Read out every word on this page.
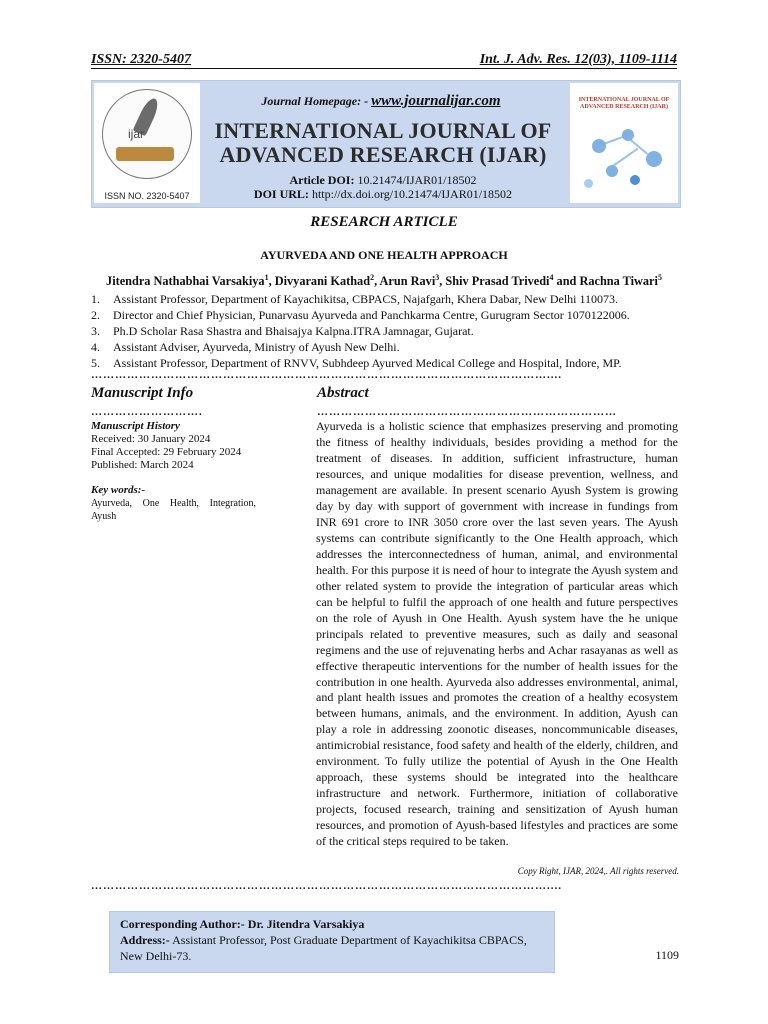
ISSN: 2320-5407	Int. J. Adv. Res. 12(03), 1109-1114
ijar
ISSN NO. 2320-5407
Journal Homepage: - www.journalijar.com
INTERNATIONAL JOURNAL OF
ADVANCED RESEARCH (IJAR)
Article DOI: 10.21474/IJAR01/18502
DOI URL: http://dx.doi.org/10.21474/IJAR01/18502
INTERNATIONAL JOURNAL OF ADVANCED RESEARCH (IJAR)
RESEARCH ARTICLE
AYURVEDA AND ONE HEALTH APPROACH
Jitendra Nathabhai Varsakiya$^1$, Divyarani Kathad$^2$, Arun Ravi$^3$, Shiv Prasad Trivedi$^4$ and Rachna Tiwari$^5$
1. Assistant Professor, Department of Kayachikitsa, CBPACS, Najafgarh, Khera Dabar, New Delhi 110073.
2. Director and Chief Physician, Punarvasu Ayurveda and Panchkarma Centre, Gurugram Sector 1070122006.
3. Ph.D Scholar Rasa Shastra and Bhaisajya Kalpna.ITRA Jamnagar, Gujarat.
4. Assistant Adviser, Ayurveda, Ministry of Ayush New Delhi.
5. Assistant Professor, Department of RNVV, Subhdeep Ayurved Medical College and Hospital, Indore, MP.
……………………………………………………………………………………………………....
Manuscript Info	Abstract
……………………….	…………………………………………………………………
Manuscript History
Received: 30 January 2024
Final Accepted: 29 February 2024
Published: March 2024
Key words:-
Ayurveda, One Health, Integration,
Ayush
Ayurveda is a holistic science that emphasizes preserving and promoting the fitness of healthy individuals, besides providing a method for the treatment of diseases. In addition, sufficient infrastructure, human resources, and unique modalities for disease prevention, wellness, and management are available. In present scenario Ayush System is growing day by day with support of government with increase in fundings from INR 691 crore to INR 3050 crore over the last seven years. The Ayush systems can contribute significantly to the One Health approach, which addresses the interconnectedness of human, animal, and environmental health. For this purpose it is need of hour to integrate the Ayush system and other related system to provide the integration of particular areas which can be helpful to fulfil the approach of one health and future perspectives on the role of Ayush in One Health. Ayush system have the he unique principals related to preventive measures, such as daily and seasonal regimens and the use of rejuvenating herbs and Achar rasayanas as well as effective therapeutic interventions for the number of health issues for the contribution in one health. Ayurveda also addresses environmental, animal, and plant health issues and promotes the creation of a healthy ecosystem between humans, animals, and the environment. In addition, Ayush can play a role in addressing zoonotic diseases, noncommunicable diseases, antimicrobial resistance, food safety and health of the elderly, children, and environment. To fully utilize the potential of Ayush in the One Health approach, these systems should be integrated into the healthcare infrastructure and network. Furthermore, initiation of collaborative projects, focused research, training and sensitization of Ayush human resources, and promotion of Ayush-based lifestyles and practices are some of the critical steps required to be taken.
Copy Right, IJAR, 2024,. All rights reserved.
……………………………………………………………………………………………………....
Corresponding Author:- Dr. Jitendra Varsakiya
Address:- Assistant Professor, Post Graduate Department of Kayachikitsa CBPACS, New Delhi-73.	1109
